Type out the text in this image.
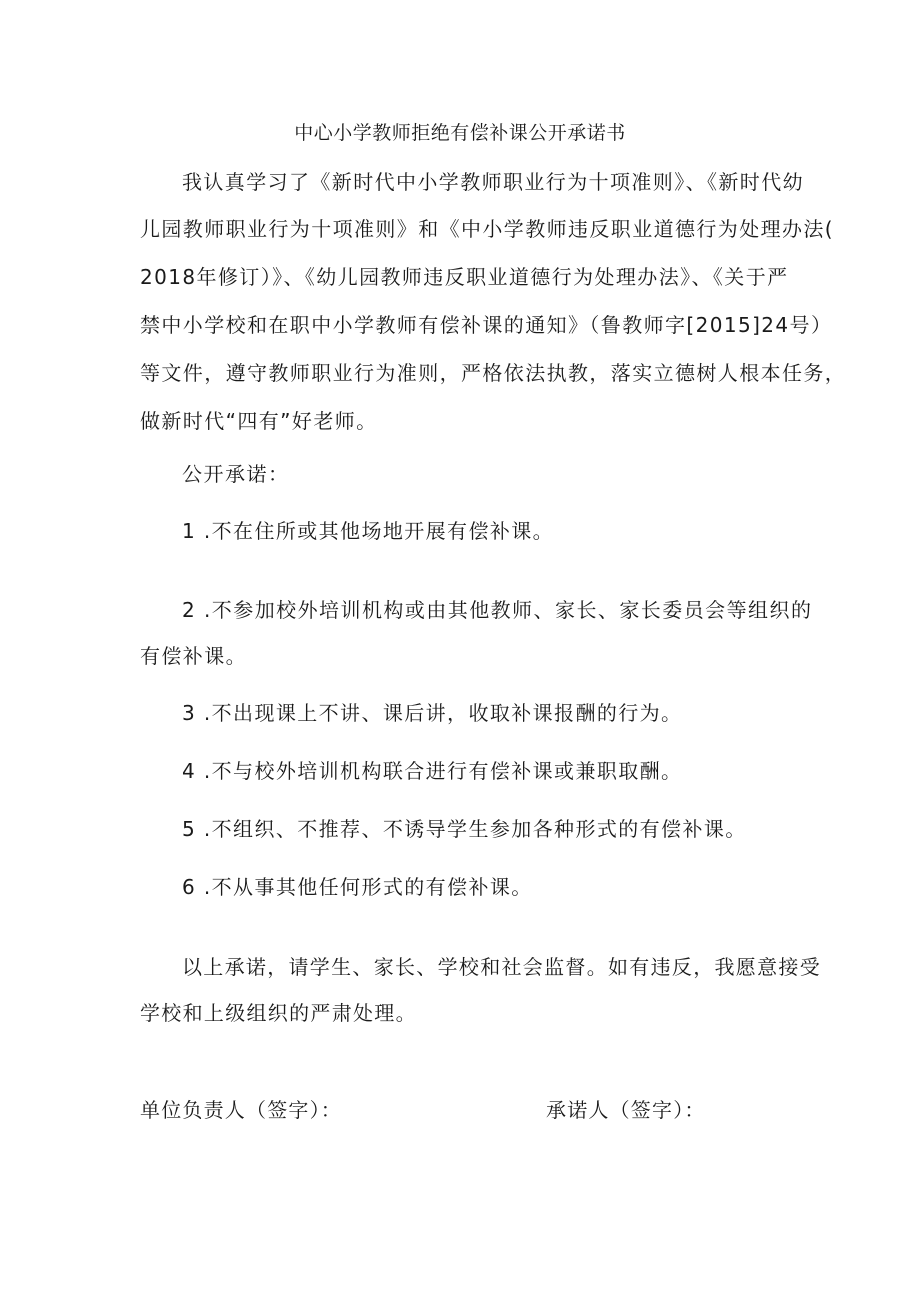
中心小学教师拒绝有偿补课公开承诺书
我认真学习了《新时代中小学教师职业行为十项准则》、《新时代幼
儿园教师职业行为十项准则》和《中小学教师违反职业道德行为处理办法(
2018年修订）》、《幼儿园教师违反职业道德行为处理办法》、《关于严
禁中小学校和在职中小学教师有偿补课的通知》（鲁教师字[2015]24号）
等文件，遵守教师职业行为准则，严格依法执教，落实立德树人根本任务，
做新时代“四有”好老师。
公开承诺：
1 .不在住所或其他场地开展有偿补课。
2 .不参加校外培训机构或由其他教师、家长、家长委员会等组织的
有偿补课。
3 .不出现课上不讲、课后讲，收取补课报酬的行为。
4 .不与校外培训机构联合进行有偿补课或兼职取酬。
5 .不组织、不推荐、不诱导学生参加各种形式的有偿补课。
6 .不从事其他任何形式的有偿补课。
以上承诺，请学生、家长、学校和社会监督。如有违反，我愿意接受
学校和上级组织的严肃处理。
单位负责人（签字）：	承诺人（签字）：
